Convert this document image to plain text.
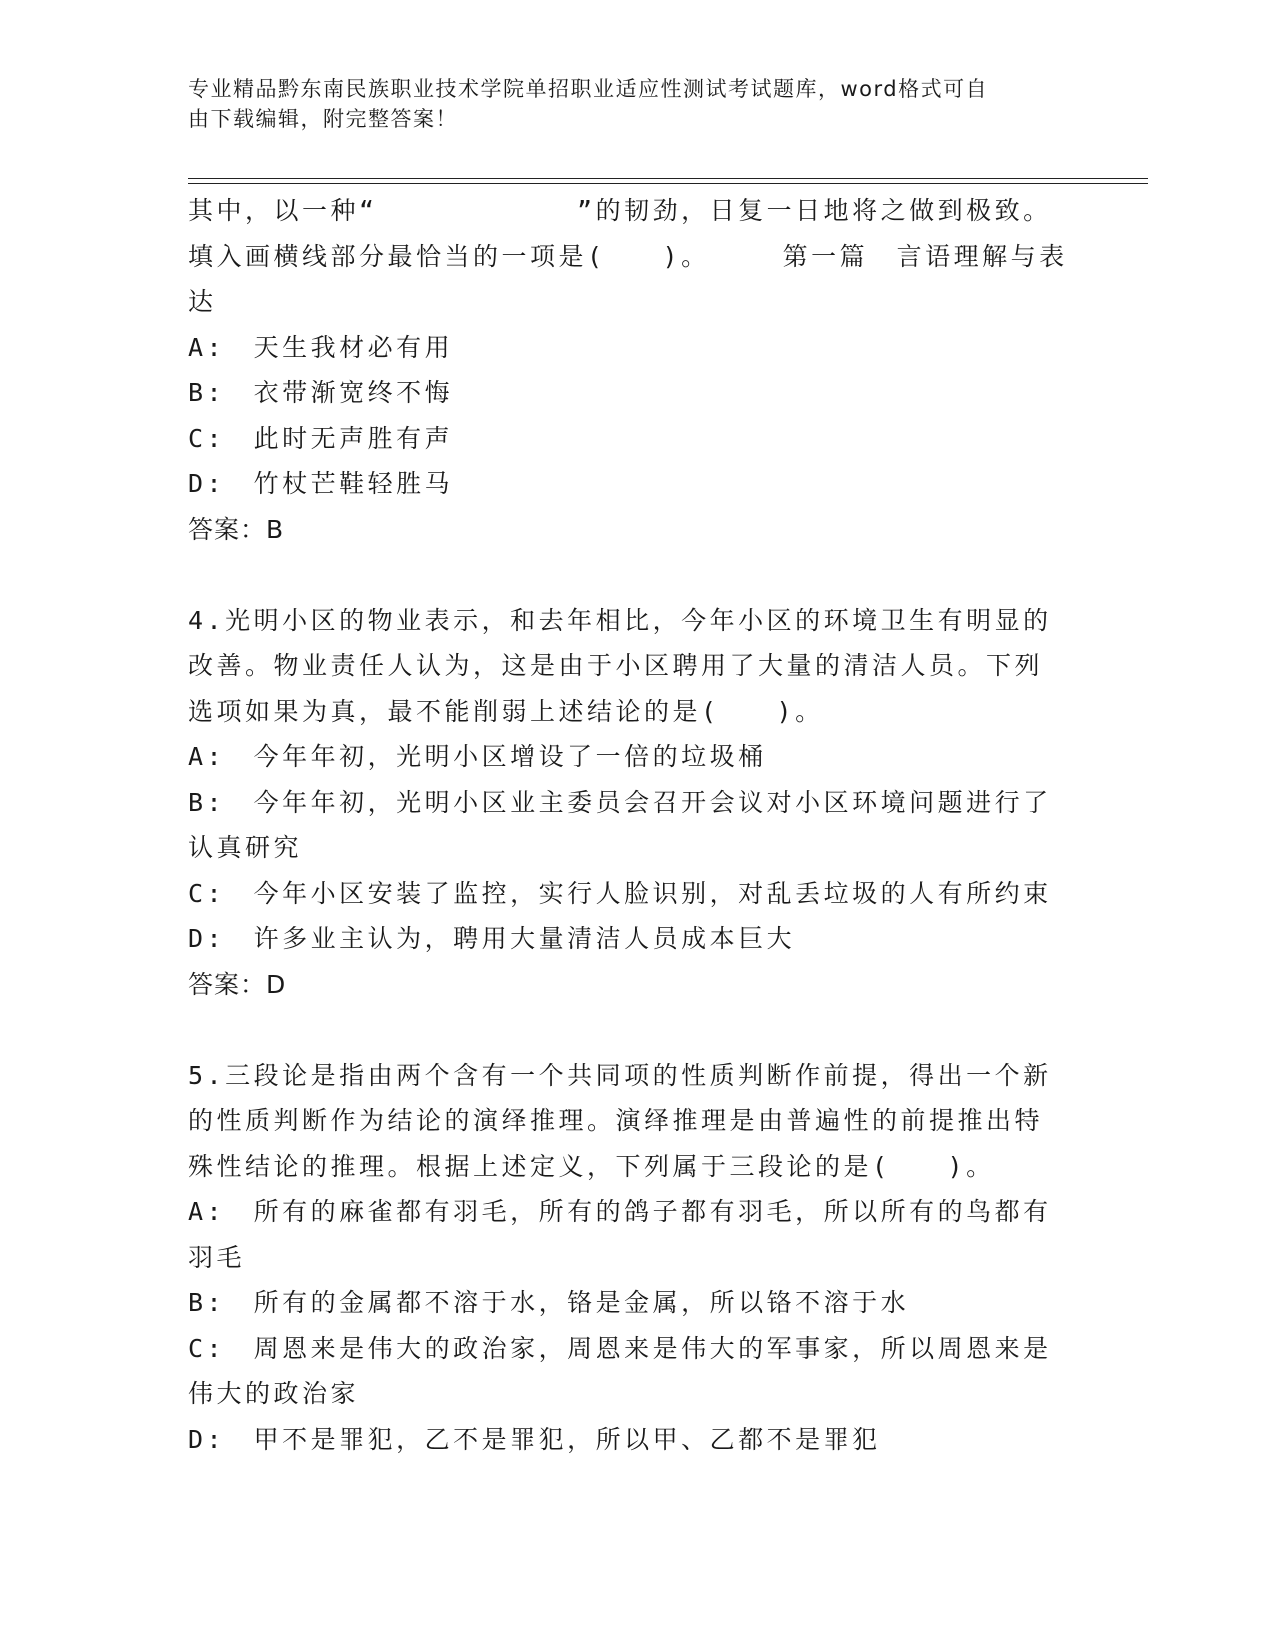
专业精品黔东南民族职业技术学院单招职业适应性测试考试题库，word格式可自
由下载编辑，附完整答案！
其中，以一种“　　　　　　　”的韧劲，日复一日地将之做到极致。
填入画横线部分最恰当的一项是(　　)。　　　第一篇　言语理解与表
达
A:　天生我材必有用
B:　衣带渐宽终不悔
C:　此时无声胜有声
D:　竹杖芒鞋轻胜马
答案：B
4.光明小区的物业表示，和去年相比，今年小区的环境卫生有明显的
改善。物业责任人认为，这是由于小区聘用了大量的清洁人员。下列
选项如果为真，最不能削弱上述结论的是(　　)。
A:　今年年初，光明小区增设了一倍的垃圾桶
B:　今年年初，光明小区业主委员会召开会议对小区环境问题进行了
认真研究
C:　今年小区安装了监控，实行人脸识别，对乱丢垃圾的人有所约束
D:　许多业主认为，聘用大量清洁人员成本巨大
答案：D
5.三段论是指由两个含有一个共同项的性质判断作前提，得出一个新
的性质判断作为结论的演绎推理。演绎推理是由普遍性的前提推出特
殊性结论的推理。根据上述定义，下列属于三段论的是(　　)。
A:　所有的麻雀都有羽毛，所有的鸽子都有羽毛，所以所有的鸟都有
羽毛
B:　所有的金属都不溶于水，铬是金属，所以铬不溶于水
C:　周恩来是伟大的政治家，周恩来是伟大的军事家，所以周恩来是
伟大的政治家
D:　甲不是罪犯，乙不是罪犯，所以甲、乙都不是罪犯
